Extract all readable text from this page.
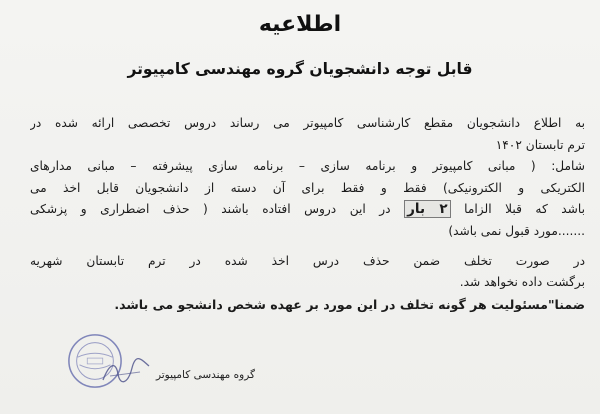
اطلاعیه
قابل توجه دانشجویان گروه مهندسی کامپیوتر
به اطلاع دانشجویان مقطع کارشناسی کامپیوتر می رساند دروس تخصصی ارائه شده در
ترم تابستان ۱۴۰۲
شامل: ( مبانی کامپیوتر و برنامه سازی – برنامه سازی پیشرفته – مبانی مدارهای
الکتریکی و الکترونیکی) فقط و فقط برای آن دسته از دانشجویان قابل اخذ می
باشد که قبلا الزاما ۲ بار در این دروس افتاده باشند ( حذف اضطراری و پزشکی
.......مورد قبول نمی باشد)
در صورت تخلف ضمن حذف درس اخذ شده در ترم تابستان شهریه
برگشت داده نخواهد شد.
ضمنا"مسئولیت هر گونه تخلف در این مورد بر عهده شخص دانشجو می باشد.
گروه مهندسی کامپیوتر
